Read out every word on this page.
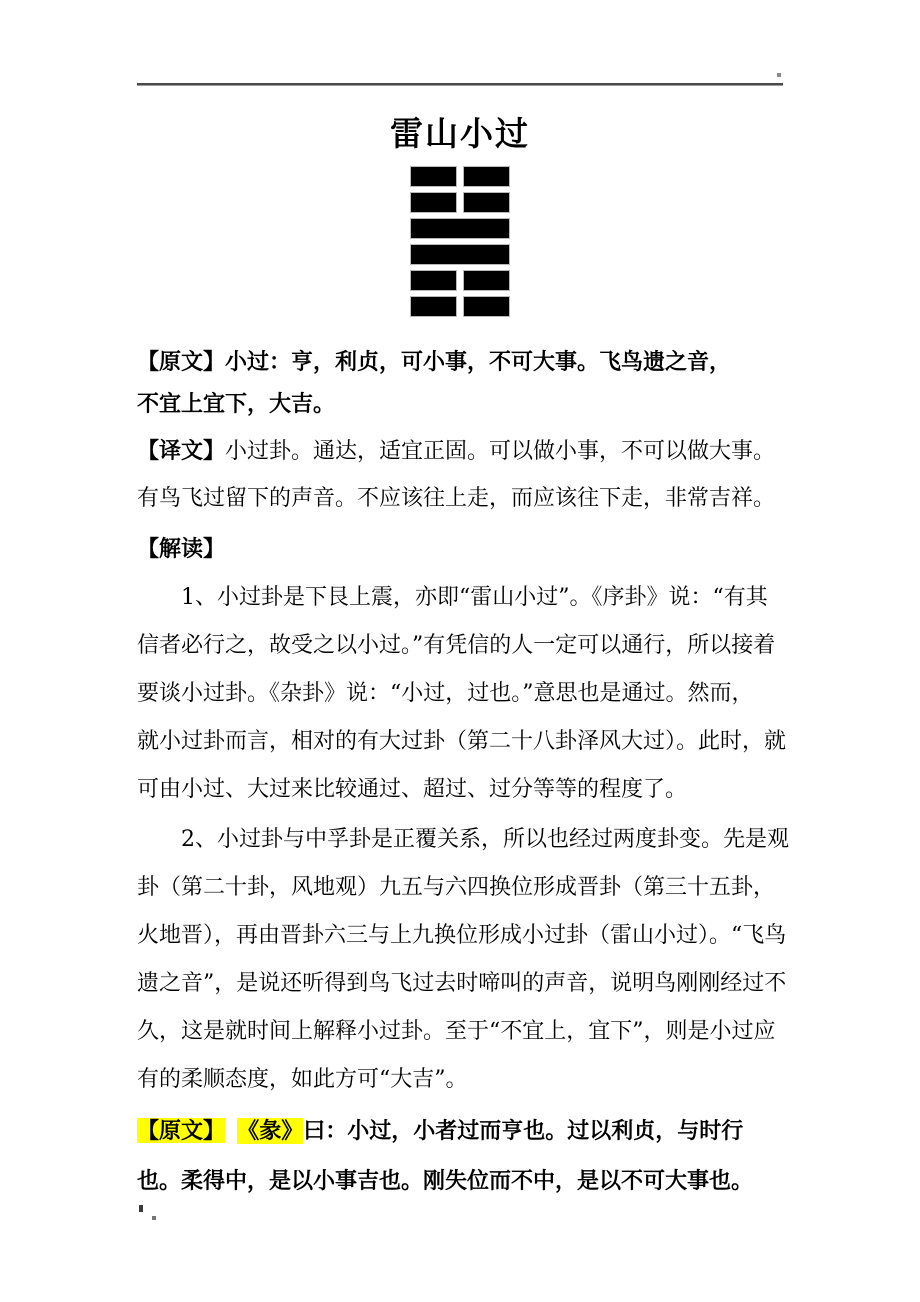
雷山小过
【原文】小过：亨，利贞，可小事，不可大事。飞鸟遗之音，
不宜上宜下，大吉。
【译文】小过卦。通达，适宜正固。可以做小事，不可以做大事。
有鸟飞过留下的声音。不应该往上走，而应该往下走，非常吉祥。
【解读】
1、小过卦是下艮上震，亦即“雷山小过”。《序卦》说：“有其
信者必行之，故受之以小过。”有凭信的人一定可以通行，所以接着
要谈小过卦。《杂卦》说：“小过，过也。”意思也是通过。然而，
就小过卦而言，相对的有大过卦（第二十八卦泽风大过）。此时，就
可由小过、大过来比较通过、超过、过分等等的程度了。
2、小过卦与中孚卦是正覆关系，所以也经过两度卦变。先是观
卦（第二十卦，风地观）九五与六四换位形成晋卦（第三十五卦，
火地晋），再由晋卦六三与上九换位形成小过卦（雷山小过）。“飞鸟
遗之音”，是说还听得到鸟飞过去时啼叫的声音，说明鸟刚刚经过不
久，这是就时间上解释小过卦。至于“不宜上，宜下”，则是小过应
有的柔顺态度，如此方可“大吉”。
【原文】 《彖》曰：小过，小者过而亨也。过以利贞，与时行
也。柔得中，是以小事吉也。刚失位而不中，是以不可大事也。
